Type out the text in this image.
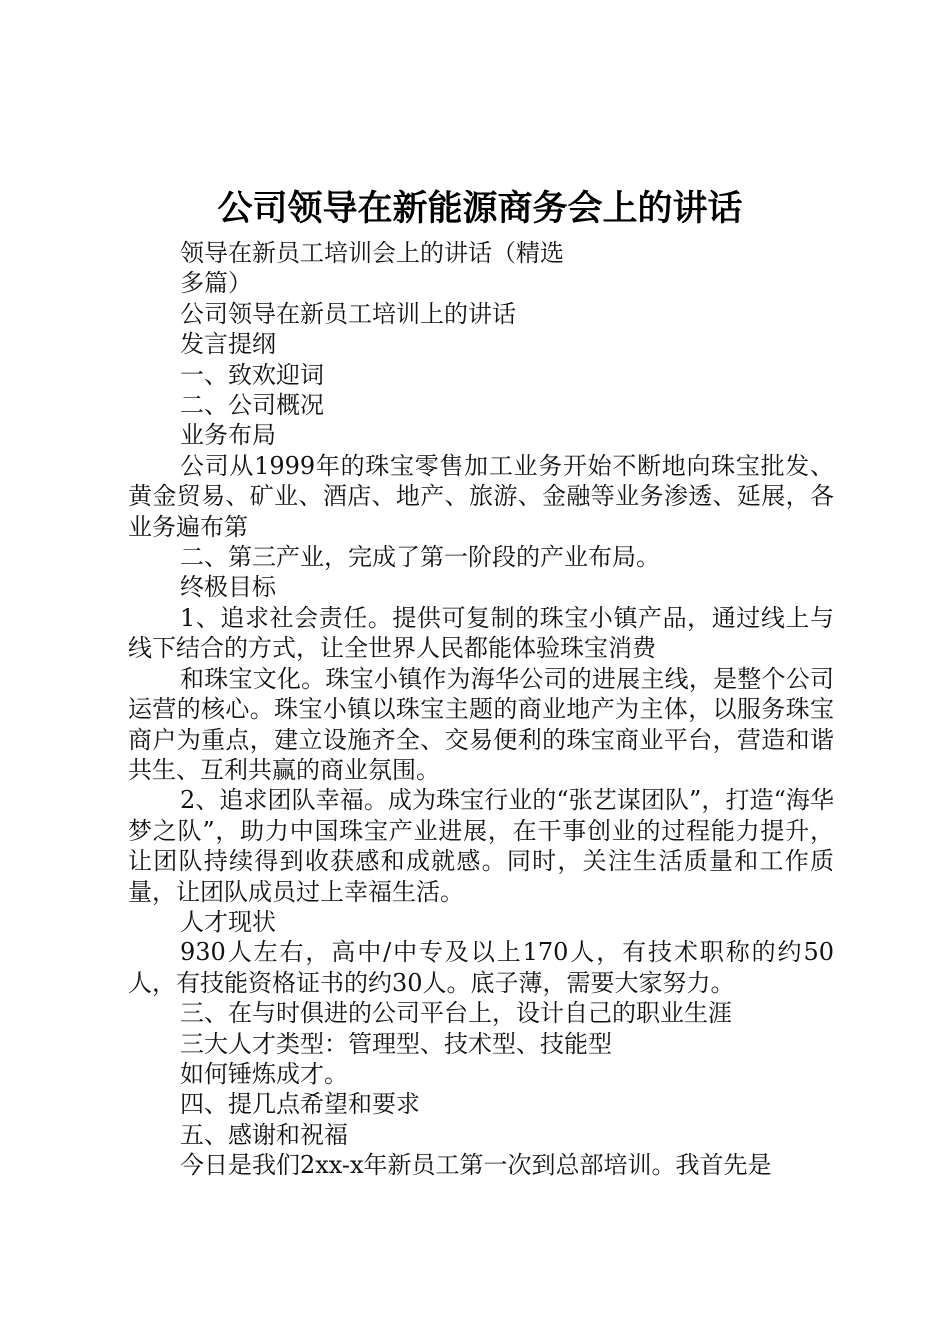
公司领导在新能源商务会上的讲话

领导在新员工培训会上的讲话（精选

多篇）

公司领导在新员工培训上的讲话

发言提纲

一、致欢迎词

二、公司概况

业务布局

公司从1999年的珠宝零售加工业务开始不断地向珠宝批发、黄金贸易、矿业、酒店、地产、旅游、金融等业务渗透、延展，各业务遍布第

二、第三产业，完成了第一阶段的产业布局。

终极目标

1、追求社会责任。提供可复制的珠宝小镇产品，通过线上与线下结合的方式，让全世界人民都能体验珠宝消费

和珠宝文化。珠宝小镇作为海华公司的进展主线，是整个公司运营的核心。珠宝小镇以珠宝主题的商业地产为主体，以服务珠宝商户为重点，建立设施齐全、交易便利的珠宝商业平台，营造和谐共生、互利共赢的商业氛围。

2、追求团队幸福。成为珠宝行业的“张艺谋团队”，打造“海华梦之队”，助力中国珠宝产业进展，在干事创业的过程能力提升，让团队持续得到收获感和成就感。同时，关注生活质量和工作质量，让团队成员过上幸福生活。

人才现状

930人左右，高中/中专及以上170人，有技术职称的约50人，有技能资格证书的约30人。底子薄，需要大家努力。

三、在与时俱进的公司平台上，设计自己的职业生涯

三大人才类型：管理型、技术型、技能型

如何锤炼成才。

四、提几点希望和要求

五、感谢和祝福

今日是我们2xx-x年新员工第一次到总部培训。我首先是
